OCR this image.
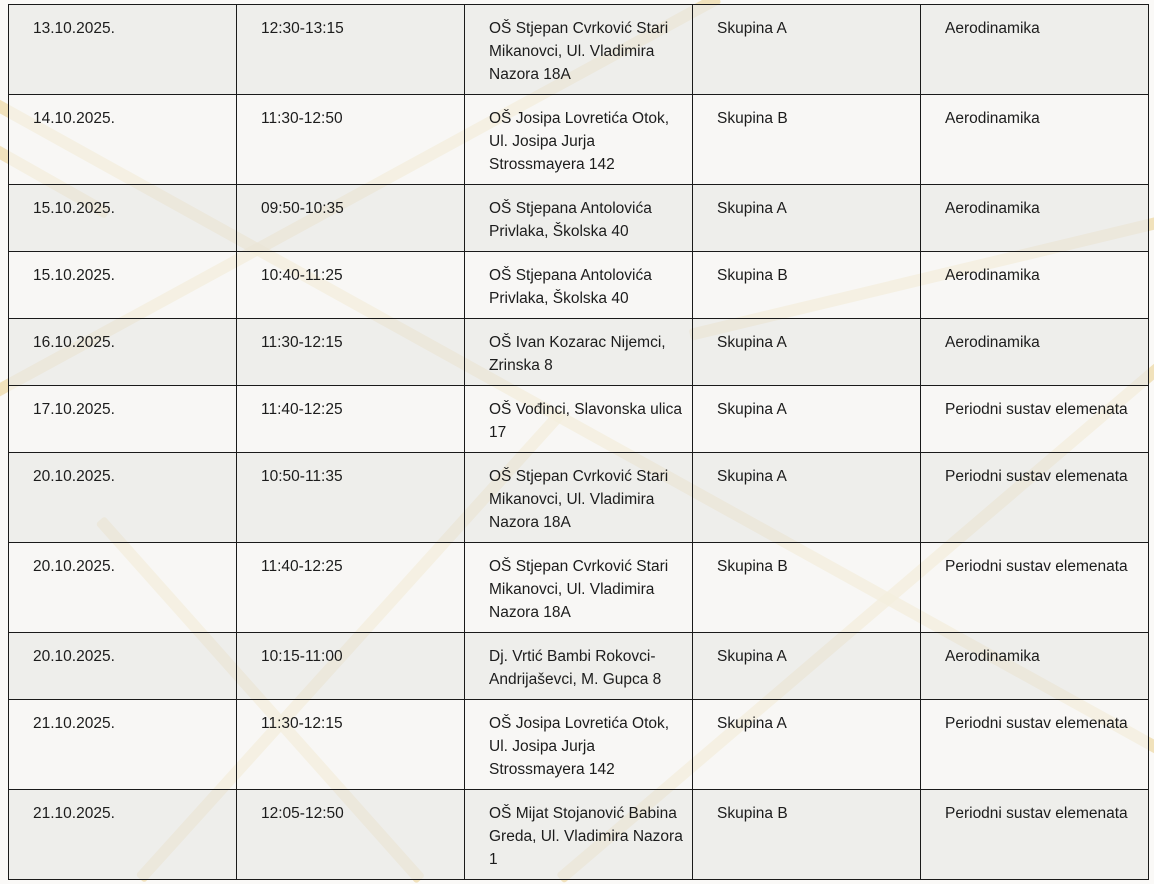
13.10.2025.	12:30-13:15	OŠ Stjepan Cvrković Stari Mikanovci, Ul. Vladimira Nazora 18A	Skupina A	Aerodinamika
14.10.2025.	11:30-12:50	OŠ Josipa Lovretića Otok, Ul. Josipa Jurja Strossmayera 142	Skupina B	Aerodinamika
15.10.2025.	09:50-10:35	OŠ Stjepana Antolovića Privlaka, Školska 40	Skupina A	Aerodinamika
15.10.2025.	10:40-11:25	OŠ Stjepana Antolovića Privlaka, Školska 40	Skupina B	Aerodinamika
16.10.2025.	11:30-12:15	OŠ Ivan Kozarac Nijemci, Zrinska 8	Skupina A	Aerodinamika
17.10.2025.	11:40-12:25	OŠ Vođinci, Slavonska ulica 17	Skupina A	Periodni sustav elemenata
20.10.2025.	10:50-11:35	OŠ Stjepan Cvrković Stari Mikanovci, Ul. Vladimira Nazora 18A	Skupina A	Periodni sustav elemenata
20.10.2025.	11:40-12:25	OŠ Stjepan Cvrković Stari Mikanovci, Ul. Vladimira Nazora 18A	Skupina B	Periodni sustav elemenata
20.10.2025.	10:15-11:00	Dj. Vrtić Bambi Rokovci-Andrijaševci, M. Gupca 8	Skupina A	Aerodinamika
21.10.2025.	11:30-12:15	OŠ Josipa Lovretića Otok, Ul. Josipa Jurja Strossmayera 142	Skupina A	Periodni sustav elemenata
21.10.2025.	12:05-12:50	OŠ Mijat Stojanović Babina Greda, Ul. Vladimira Nazora 1	Skupina B	Periodni sustav elemenata
